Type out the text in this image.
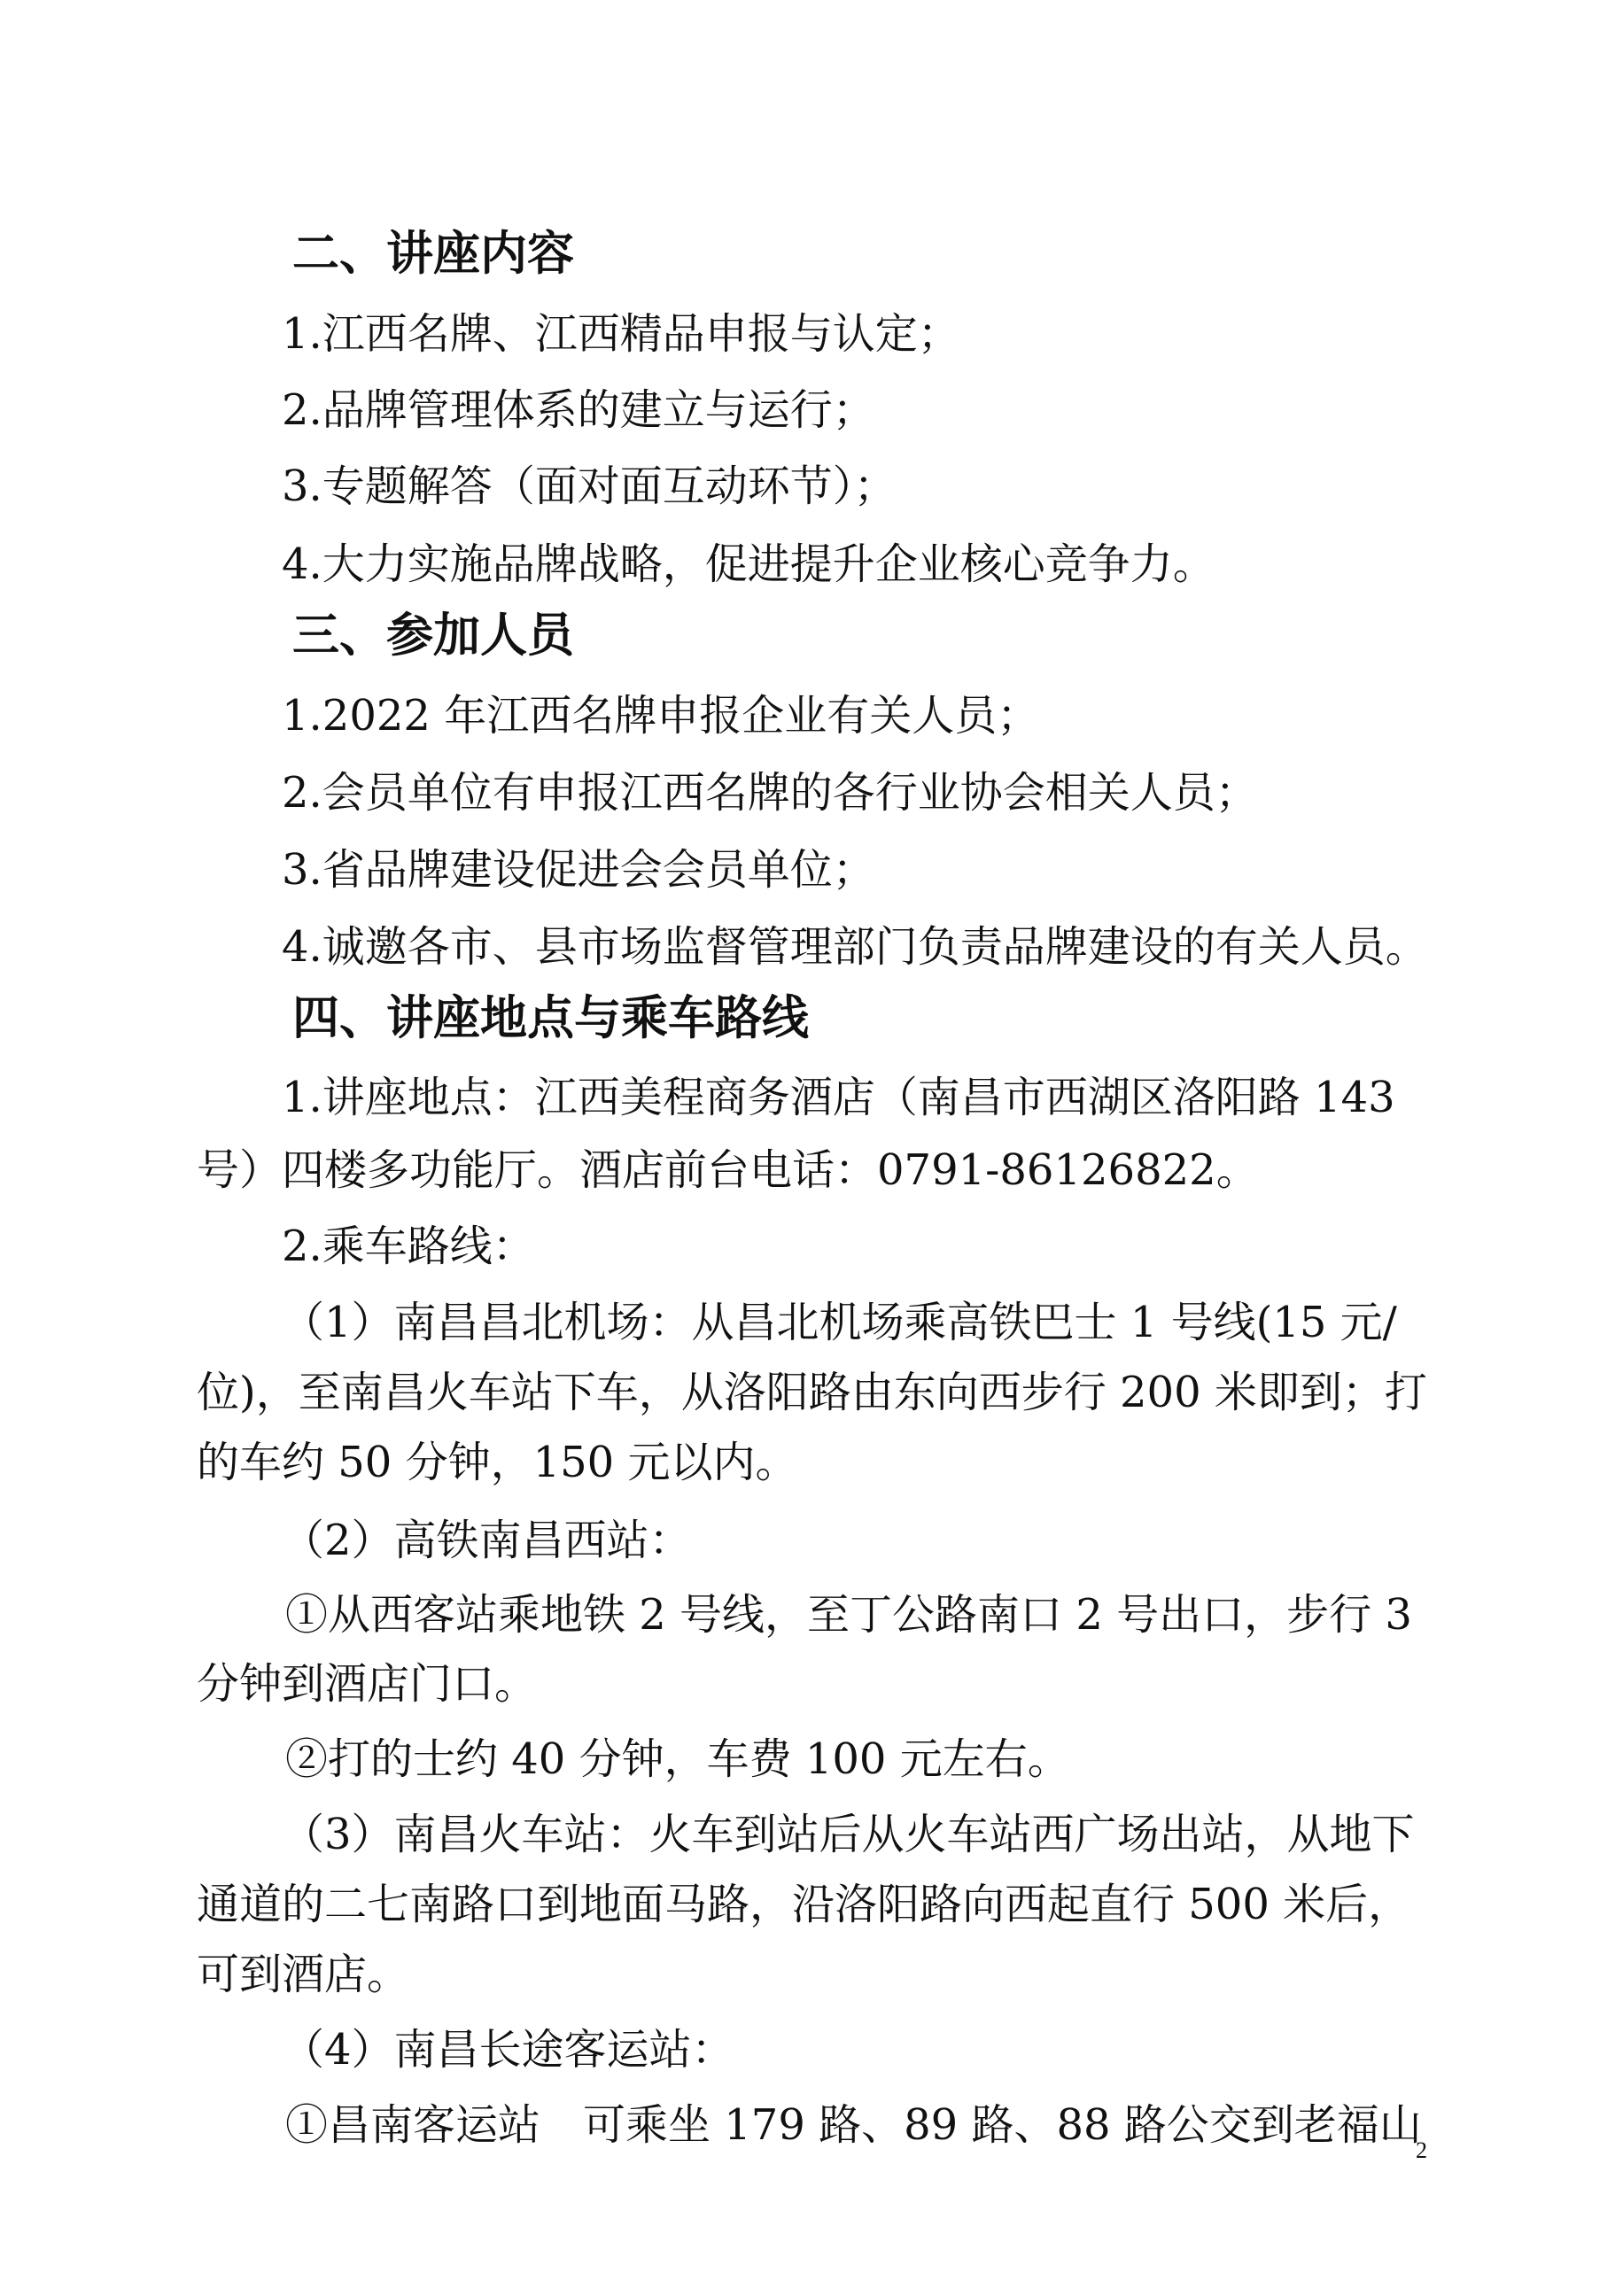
二、讲座内容

1.江西名牌、江西精品申报与认定；

2.品牌管理体系的建立与运行；

3.专题解答（面对面互动环节）；

4.大力实施品牌战略，促进提升企业核心竞争力。

三、参加人员

1.2022 年江西名牌申报企业有关人员；

2.会员单位有申报江西名牌的各行业协会相关人员；

3.省品牌建设促进会会员单位；

4.诚邀各市、县市场监督管理部门负责品牌建设的有关人员。

四、讲座地点与乘车路线

1.讲座地点：江西美程商务酒店（南昌市西湖区洛阳路 143

号）四楼多功能厅。酒店前台电话：0791-86126822。

2.乘车路线：

（1）南昌昌北机场：从昌北机场乘高铁巴士 1 号线(15 元/

位)，至南昌火车站下车，从洛阳路由东向西步行 200 米即到；打

的车约 50 分钟，150 元以内。

（2）高铁南昌西站：

①从西客站乘地铁 2 号线，至丁公路南口 2 号出口，步行 3

分钟到酒店门口。

②打的士约 40 分钟，车费 100 元左右。

（3）南昌火车站：火车到站后从火车站西广场出站，从地下

通道的二七南路口到地面马路，沿洛阳路向西起直行 500 米后，

可到酒店。

（4）南昌长途客运站：

①昌南客运站　可乘坐 179 路、89 路、88 路公交到老福山

2
